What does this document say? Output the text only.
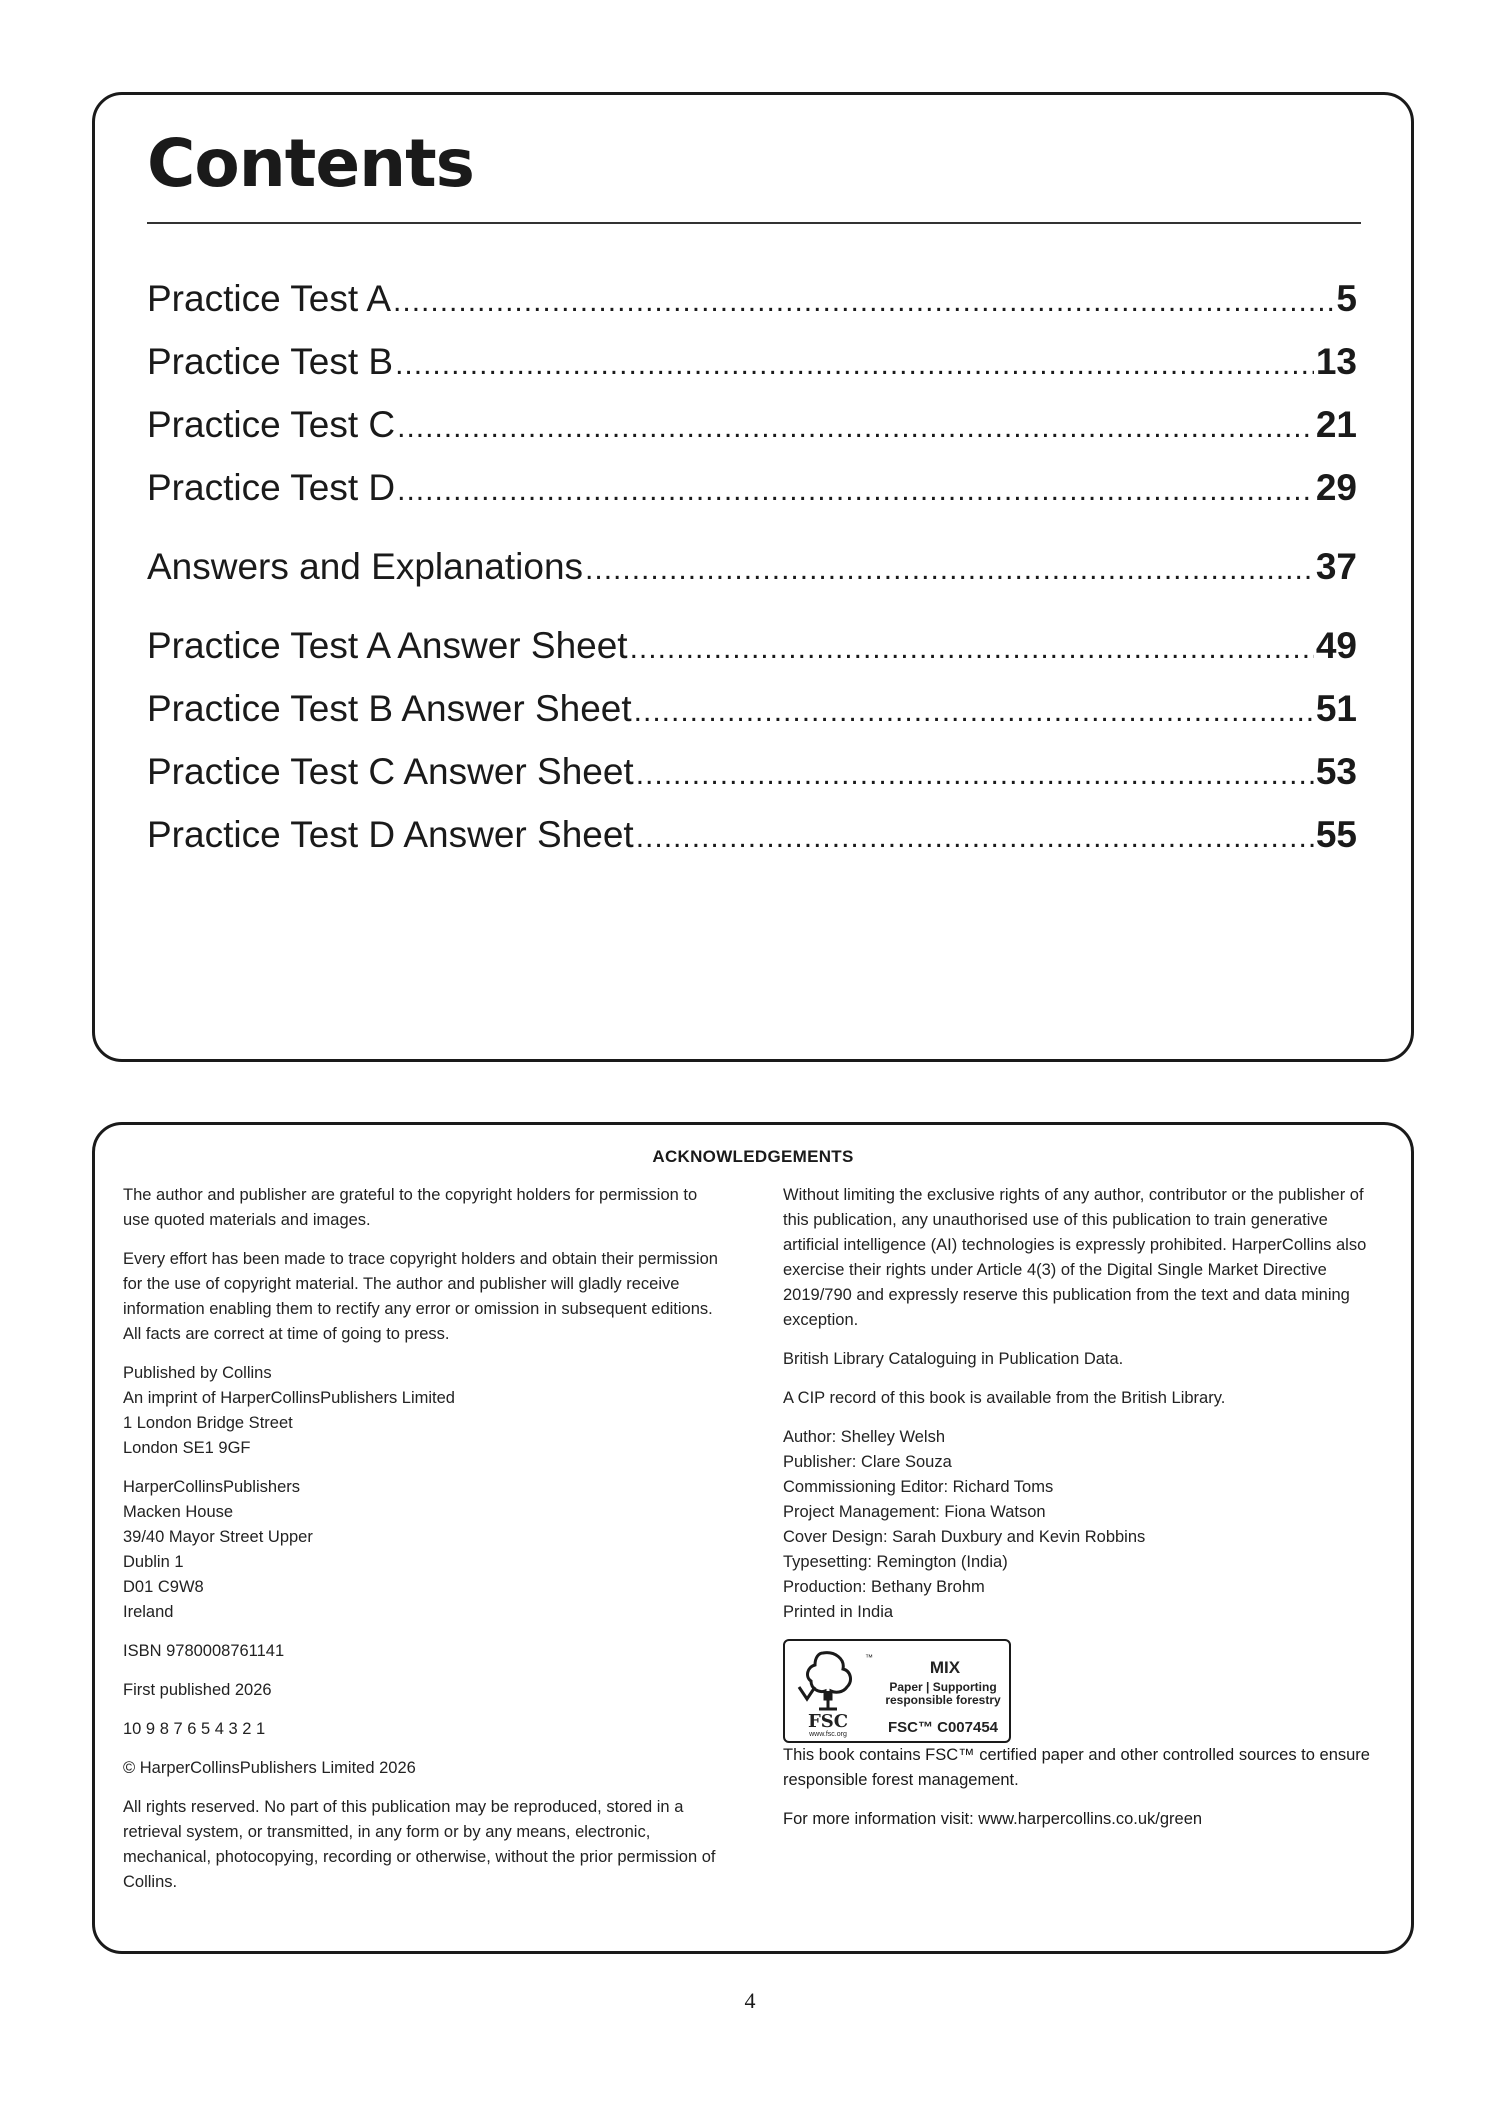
Contents
Practice Test A .....	5
Practice Test B .....	13
Practice Test C .....	21
Practice Test D .....	29
Answers and Explanations .....	37
Practice Test A Answer Sheet .....	49
Practice Test B Answer Sheet .....	51
Practice Test C Answer Sheet .....	53
Practice Test D Answer Sheet .....	55
ACKNOWLEDGEMENTS

The author and publisher are grateful to the copyright holders for permission to use quoted materials and images.

Every effort has been made to trace copyright holders and obtain their permission for the use of copyright material. The author and publisher will gladly receive information enabling them to rectify any error or omission in subsequent editions. All facts are correct at time of going to press.

Published by Collins
An imprint of HarperCollinsPublishers Limited
1 London Bridge Street
London SE1 9GF

HarperCollinsPublishers
Macken House
39/40 Mayor Street Upper
Dublin 1
D01 C9W8
Ireland

ISBN 9780008761141

First published 2026

10 9 8 7 6 5 4 3 2 1

© HarperCollinsPublishers Limited 2026

All rights reserved. No part of this publication may be reproduced, stored in a retrieval system, or transmitted, in any form or by any means, electronic, mechanical, photocopying, recording or otherwise, without the prior permission of Collins.

Without limiting the exclusive rights of any author, contributor or the publisher of this publication, any unauthorised use of this publication to train generative artificial intelligence (AI) technologies is expressly prohibited. HarperCollins also exercise their rights under Article 4(3) of the Digital Single Market Directive 2019/790 and expressly reserve this publication from the text and data mining exception.

British Library Cataloguing in Publication Data.

A CIP record of this book is available from the British Library.

Author: Shelley Welsh
Publisher: Clare Souza
Commissioning Editor: Richard Toms
Project Management: Fiona Watson
Cover Design: Sarah Duxbury and Kevin Robbins
Typesetting: Remington (India)
Production: Bethany Brohm
Printed in India

FSC
www.fsc.org
™
MIX
Paper | Supporting
responsible forestry
FSC™ C007454

This book contains FSC™ certified paper and other controlled sources to ensure responsible forest management.

For more information visit: www.harpercollins.co.uk/green

4
